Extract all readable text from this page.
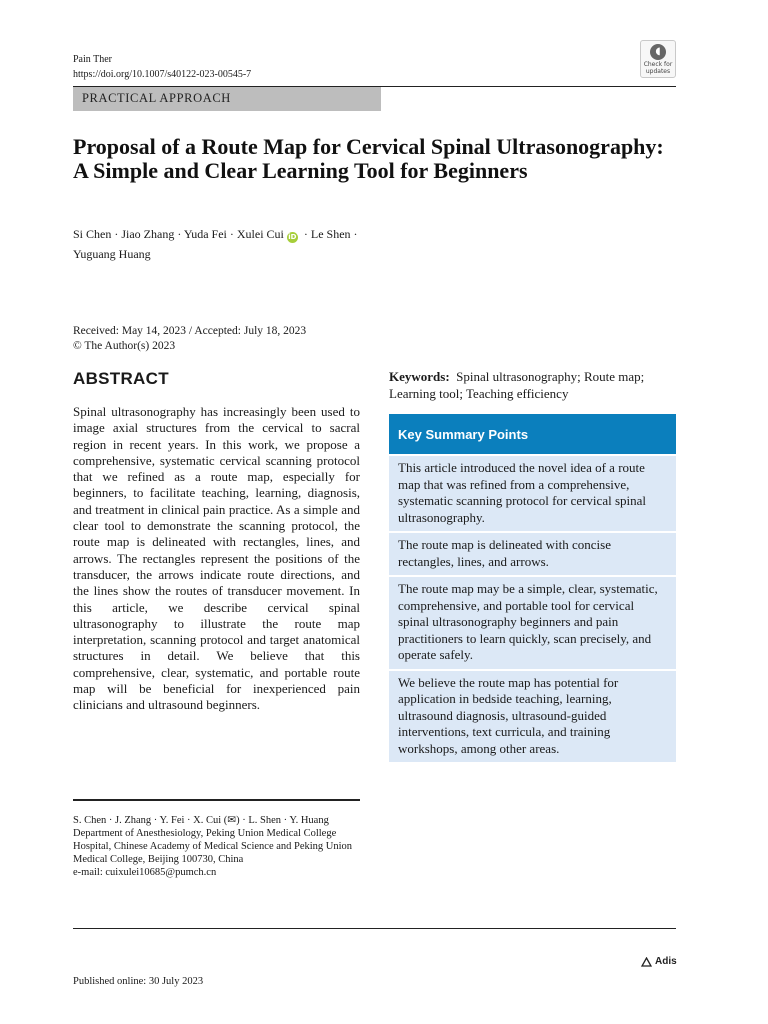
Pain Ther
https://doi.org/10.1007/s40122-023-00545-7
◖
Check for updates
PRACTICAL APPROACH
Proposal of a Route Map for Cervical Spinal Ultrasonography: A Simple and Clear Learning Tool for Beginners
Si Chen · Jiao Zhang · Yuda Fei · Xulei Cui iD · Le Shen ·
Yuguang Huang
Received: May 14, 2023 / Accepted: July 18, 2023
© The Author(s) 2023
ABSTRACT

Spinal ultrasonography has increasingly been used to image axial structures from the cervical to sacral region in recent years. In this work, we propose a comprehensive, systematic cervical scanning protocol that we refined as a route map, especially for beginners, to facilitate teaching, learning, diagnosis, and treatment in clinical pain practice. As a simple and clear tool to demonstrate the scanning protocol, the route map is delineated with rectangles, lines, and arrows. The rectangles represent the positions of the transducer, the arrows indicate route directions, and the lines show the routes of transducer movement. In this article, we describe cervical spinal ultrasonography to illustrate the route map interpretation, scanning protocol and target anatomical structures in detail. We believe that this comprehensive, clear, systematic, and portable route map will be beneficial for inexperienced pain clinicians and ultrasound beginners.

Keywords: Spinal ultrasonography; Route map; Learning tool; Teaching efficiency
Key Summary Points
This article introduced the novel idea of a route map that was refined from a comprehensive, systematic scanning protocol for cervical spinal ultrasonography.
The route map is delineated with concise rectangles, lines, and arrows.
The route map may be a simple, clear, systematic, comprehensive, and portable tool for cervical spinal ultrasonography beginners and pain practitioners to learn quickly, scan precisely, and operate safely.
We believe the route map has potential for application in bedside teaching, learning, ultrasound diagnosis, ultrasound-guided interventions, text curricula, and training workshops, among other areas.
S. Chen · J. Zhang · Y. Fei · X. Cui (✉) · L. Shen · Y. Huang
Department of Anesthesiology, Peking Union Medical College Hospital, Chinese Academy of Medical Science and Peking Union Medical College, Beijing 100730, China
e-mail: cuixulei10685@pumch.cn
Adis
Published online: 30 July 2023
